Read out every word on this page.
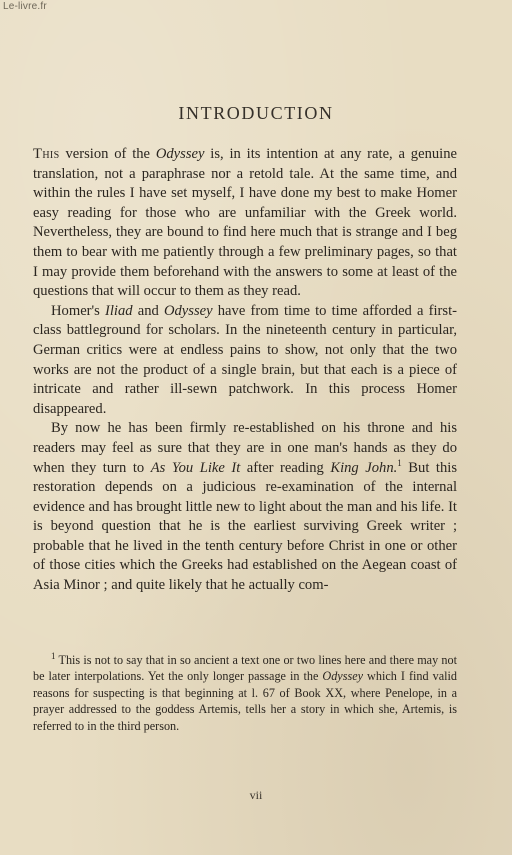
Le-livre.fr
INTRODUCTION

This version of the Odyssey is, in its intention at any rate, a genuine translation, not a paraphrase nor a retold tale. At the same time, and within the rules I have set myself, I have done my best to make Homer easy reading for those who are unfamiliar with the Greek world. Nevertheless, they are bound to find here much that is strange and I beg them to bear with me patiently through a few preliminary pages, so that I may provide them beforehand with the answers to some at least of the questions that will occur to them as they read.

Homer's Iliad and Odyssey have from time to time afforded a first-class battleground for scholars. In the nineteenth century in particular, German critics were at endless pains to show, not only that the two works are not the product of a single brain, but that each is a piece of intricate and rather ill-sewn patchwork. In this process Homer disappeared.

By now he has been firmly re-established on his throne and his readers may feel as sure that they are in one man's hands as they do when they turn to As You Like It after reading King John.$^1$ But this restoration depends on a judicious re-examination of the internal evidence and has brought little new to light about the man and his life. It is beyond question that he is the earliest surviving Greek writer ; probable that he lived in the tenth century before Christ in one or other of those cities which the Greeks had established on the Aegean coast of Asia Minor ; and quite likely that he actually com-

$^1$ This is not to say that in so ancient a text one or two lines here and there may not be later interpolations. Yet the only longer passage in the Odyssey which I find valid reasons for suspecting is that beginning at l. 67 of Book XX, where Penelope, in a prayer addressed to the goddess Artemis, tells her a story in which she, Artemis, is referred to in the third person.

vii
